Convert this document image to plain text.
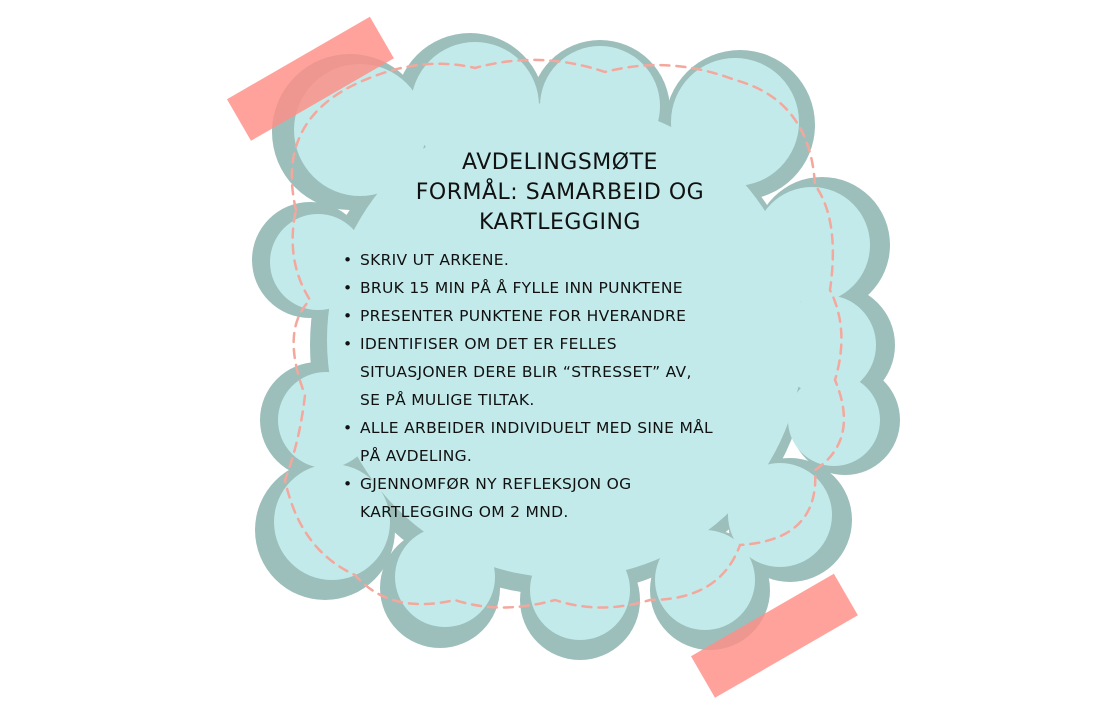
AVDELINGSMØTE
FORMÅL: SAMARBEID OG
KARTLEGGING
• SKRIV UT ARKENE.
• BRUK 15 MIN PÅ Å FYLLE INN PUNKTENE
• PRESENTER PUNKTENE FOR HVERANDRE
• IDENTIFISER OM DET ER FELLES
SITUASJONER DERE BLIR “STRESSET” AV,
SE PÅ MULIGE TILTAK.
• ALLE ARBEIDER INDIVIDUELT MED SINE MÅL
PÅ AVDELING.
• GJENNOMFØR NY REFLEKSJON OG
KARTLEGGING OM 2 MND.
